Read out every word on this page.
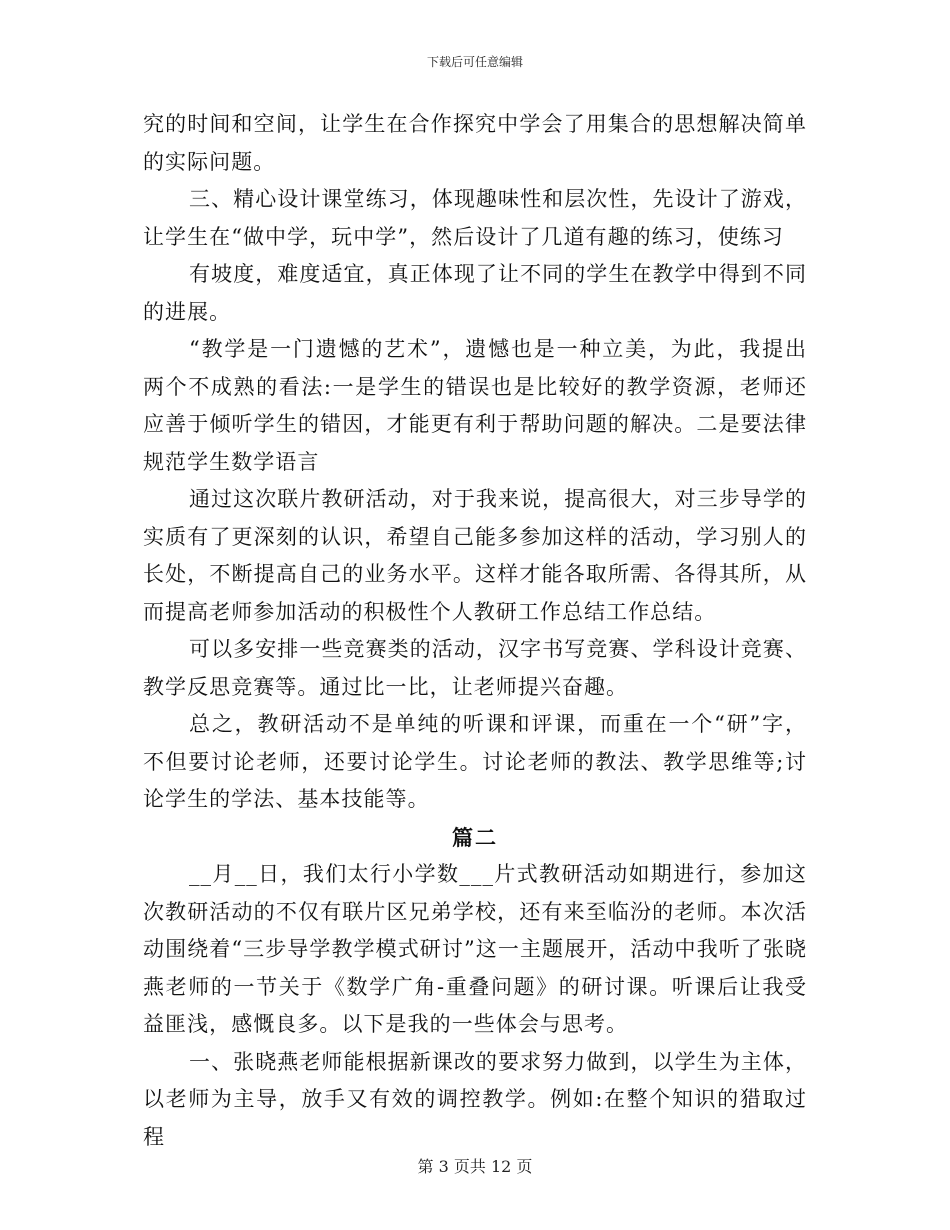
下载后可任意编辑

究的时间和空间，让学生在合作探究中学会了用集合的思想解决简单的实际问题。

三、精心设计课堂练习，体现趣味性和层次性，先设计了游戏，让学生在“做中学，玩中学”，然后设计了几道有趣的练习，使练习

有坡度，难度适宜，真正体现了让不同的学生在教学中得到不同的进展。

“教学是一门遗憾的艺术”，遗憾也是一种立美，为此，我提出两个不成熟的看法:一是学生的错误也是比较好的教学资源，老师还应善于倾听学生的错因，才能更有利于帮助问题的解决。二是要法律规范学生数学语言

通过这次联片教研活动，对于我来说，提高很大，对三步导学的实质有了更深刻的认识，希望自己能多参加这样的活动，学习别人的长处，不断提高自己的业务水平。这样才能各取所需、各得其所，从而提高老师参加活动的积极性个人教研工作总结工作总结。

可以多安排一些竞赛类的活动，汉字书写竞赛、学科设计竞赛、教学反思竞赛等。通过比一比，让老师提兴奋趣。

总之，教研活动不是单纯的听课和评课，而重在一个“研”字，不但要讨论老师，还要讨论学生。讨论老师的教法、教学思维等;讨论学生的学法、基本技能等。

篇二

__月__日，我们太行小学数___片式教研活动如期进行，参加这次教研活动的不仅有联片区兄弟学校，还有来至临汾的老师。本次活动围绕着“三步导学教学模式研讨”这一主题展开，活动中我听了张晓燕老师的一节关于《数学广角-重叠问题》的研讨课。听课后让我受益匪浅，感慨良多。以下是我的一些体会与思考。

一、张晓燕老师能根据新课改的要求努力做到，以学生为主体，以老师为主导，放手又有效的调控教学。例如:在整个知识的猎取过程

第 3 页共 12 页
